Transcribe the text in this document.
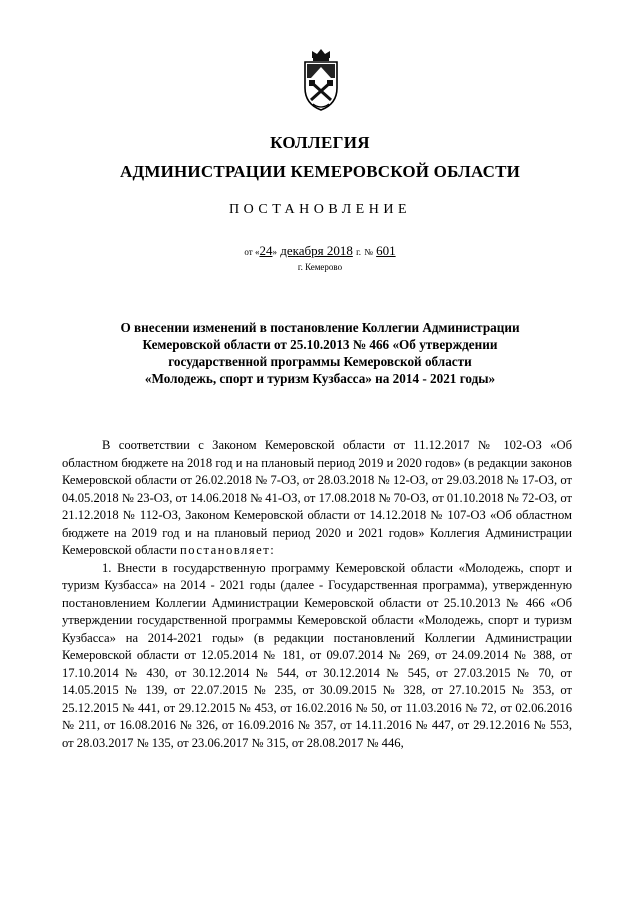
КОЛЛЕГИЯ
АДМИНИСТРАЦИИ КЕМЕРОВСКОЙ ОБЛАСТИ
ПОСТАНОВЛЕНИЕ
от «24» декабря 2018 г. № 601
г. Кемерово
О внесении изменений в постановление Коллегии Администрации
Кемеровской области от 25.10.2013 № 466 «Об утверждении
государственной программы Кемеровской области
«Молодежь, спорт и туризм Кузбасса» на 2014 - 2021 годы»

В соответствии с Законом Кемеровской области от 11.12.2017 № 102-ОЗ «Об областном бюджете на 2018 год и на плановый период 2019 и 2020 годов» (в редакции законов Кемеровской области от 26.02.2018 № 7-ОЗ, от 28.03.2018 № 12-ОЗ, от 29.03.2018 № 17-ОЗ, от 04.05.2018 № 23-ОЗ, от 14.06.2018 № 41-ОЗ, от 17.08.2018 № 70-ОЗ, от 01.10.2018 № 72-ОЗ, от 21.12.2018 № 112-ОЗ, Законом Кемеровской области от 14.12.2018 № 107-ОЗ «Об областном бюджете на 2019 год и на плановый период 2020 и 2021 годов» Коллегия Администрации Кемеровской области постановляет:

1. Внести в государственную программу Кемеровской области «Молодежь, спорт и туризм Кузбасса» на 2014 - 2021 годы (далее - Государственная программа), утвержденную постановлением Коллегии Администрации Кемеровской области от 25.10.2013 № 466 «Об утверждении государственной программы Кемеровской области «Молодежь, спорт и туризм Кузбасса» на 2014-2021 годы» (в редакции постановлений Коллегии Администрации Кемеровской области от 12.05.2014 № 181, от 09.07.2014 № 269, от 24.09.2014 № 388, от 17.10.2014 № 430, от 30.12.2014 № 544, от 30.12.2014 № 545, от 27.03.2015 № 70, от 14.05.2015 № 139, от 22.07.2015 № 235, от 30.09.2015 № 328, от 27.10.2015 № 353, от 25.12.2015 № 441, от 29.12.2015 № 453, от 16.02.2016 № 50, от 11.03.2016 № 72, от 02.06.2016 № 211, от 16.08.2016 № 326, от 16.09.2016 № 357, от 14.11.2016 № 447, от 29.12.2016 № 553, от 28.03.2017 № 135, от 23.06.2017 № 315, от 28.08.2017 № 446,
